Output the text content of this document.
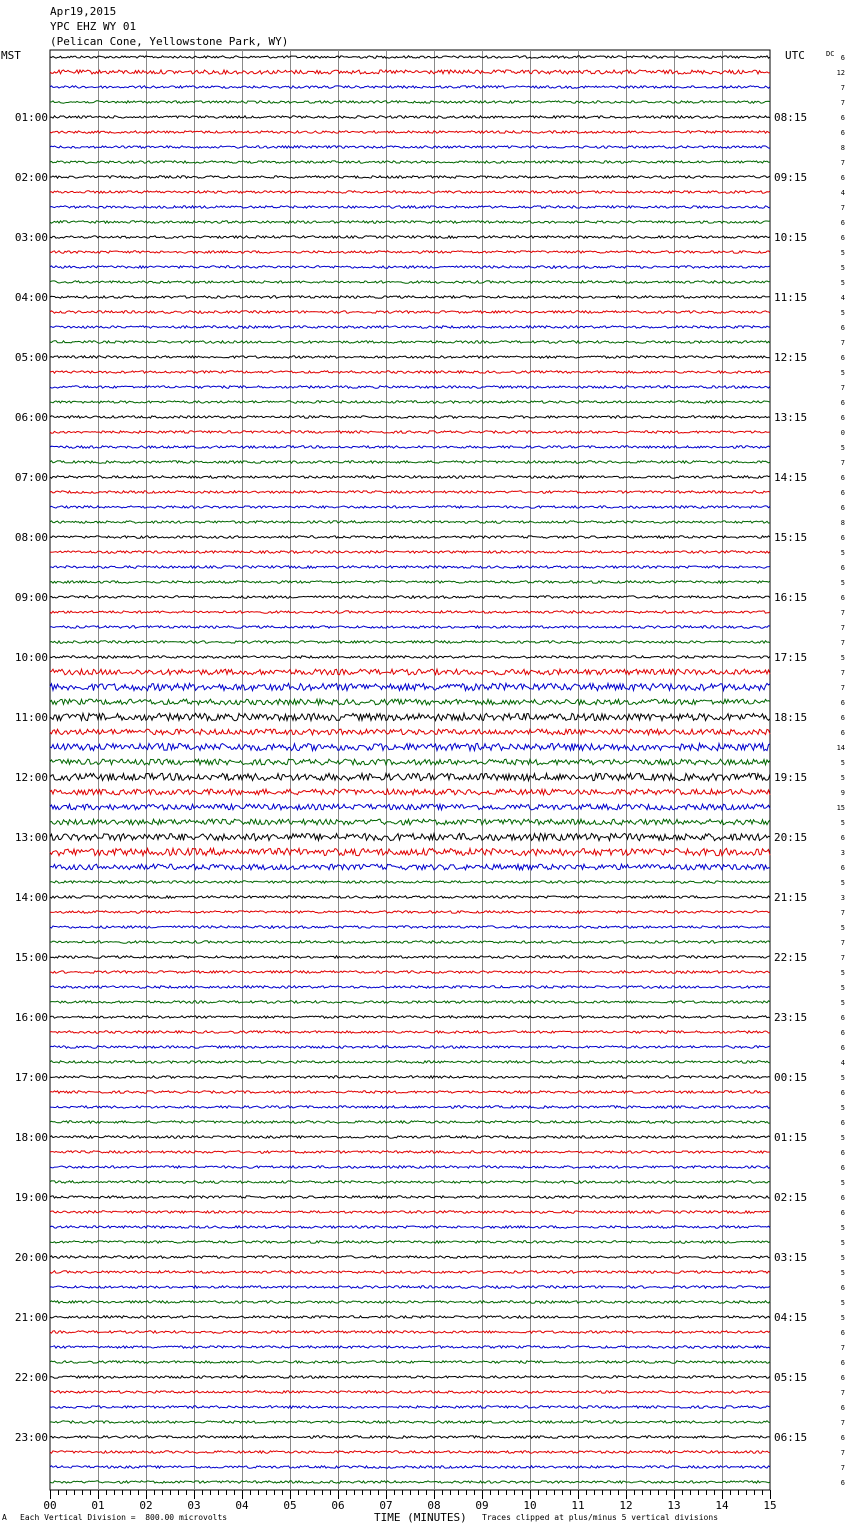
Apr19,2015
YPC EHZ WY 01
(Pelican Cone, Yellowstone Park, WY)
MST	UTC	DC
01:00
02:00
03:00
04:00
05:00
06:00
07:00
08:00
09:00
10:00
11:00
12:00
13:00
14:00
15:00
16:00
17:00
18:00
19:00
20:00
21:00
22:00
23:00
08:15
09:15
10:15
11:15
12:15
13:15
14:15
15:15
16:15
17:15
18:15
19:15
20:15
21:15
22:15
23:15
00:15
01:15
02:15
03:15
04:15
05:15
06:15
6
12
7
7
6
6
8
7
6
4
7
6
6
5
5
5
4
5
6
7
6
5
7
6
6
0
5
7
6
6
6
8
6
5
6
5
6
7
7
7
5
7
7
6
6
6
14
5
5
9
15
5
6
3
6
5
3
7
5
7
7
5
5
5
6
6
6
4
5
6
5
6
5
6
6
5
6
6
5
5
5
5
6
5
5
6
7
6
6
7
6
7
6
7
7
6
00	01	02	03	04	05	06	07	08	09	10	11	12	13	14	15
A Each Vertical Division =  800.00 microvolts	TIME (MINUTES) Traces clipped at plus/minus 5 vertical divisions
